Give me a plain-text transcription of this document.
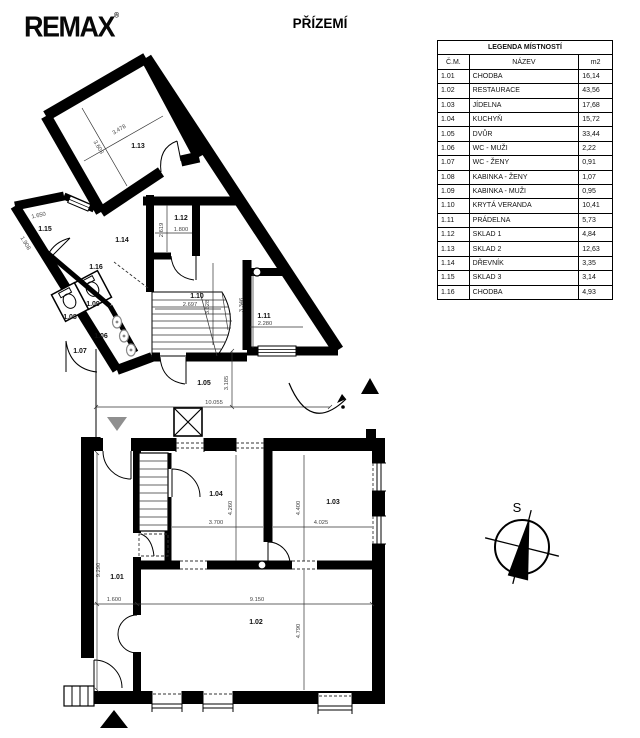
REMAX®
PŘÍZEMÍ
LEGENDA MÍSTNOSTÍ		
Č.M.	NÁZEV	m2
1.01	CHODBA	16,14
1.02	RESTAURACE	43,56
1.03	JÍDELNA	17,68
1.04	KUCHYŇ	15,72
1.05	DVŮR	33,44
1.06	WC - MUŽI	2,22
1.07	WC - ŽENY	0,91
1.08	KABINKA - ŽENY	1,07
1.09	KABINKA - MUŽI	0,95
1.10	KRYTÁ VERANDA	10,41
1.11	PRÁDELNA	5,73
1.12	SKLAD 1	4,84
1.13	SKLAD 2	12,63
1.14	DŘEVNÍK	3,35
1.15	SKLAD 3	3,14
1.16	CHODBA	4,93
1.13
1.15
1.14
1.16
1.12
1.10
1.11
1.09
1.08
1.06
1.07
1.05
1.04
1.03
1.01
1.02
3.478
3.608
1.650
1.908
2.619 1.800
2.697 3.628	3.346
2.280
10.055
3.185
3.700
4.260
4.025
4.400
9.150
4.790
9.290
1.600
S
